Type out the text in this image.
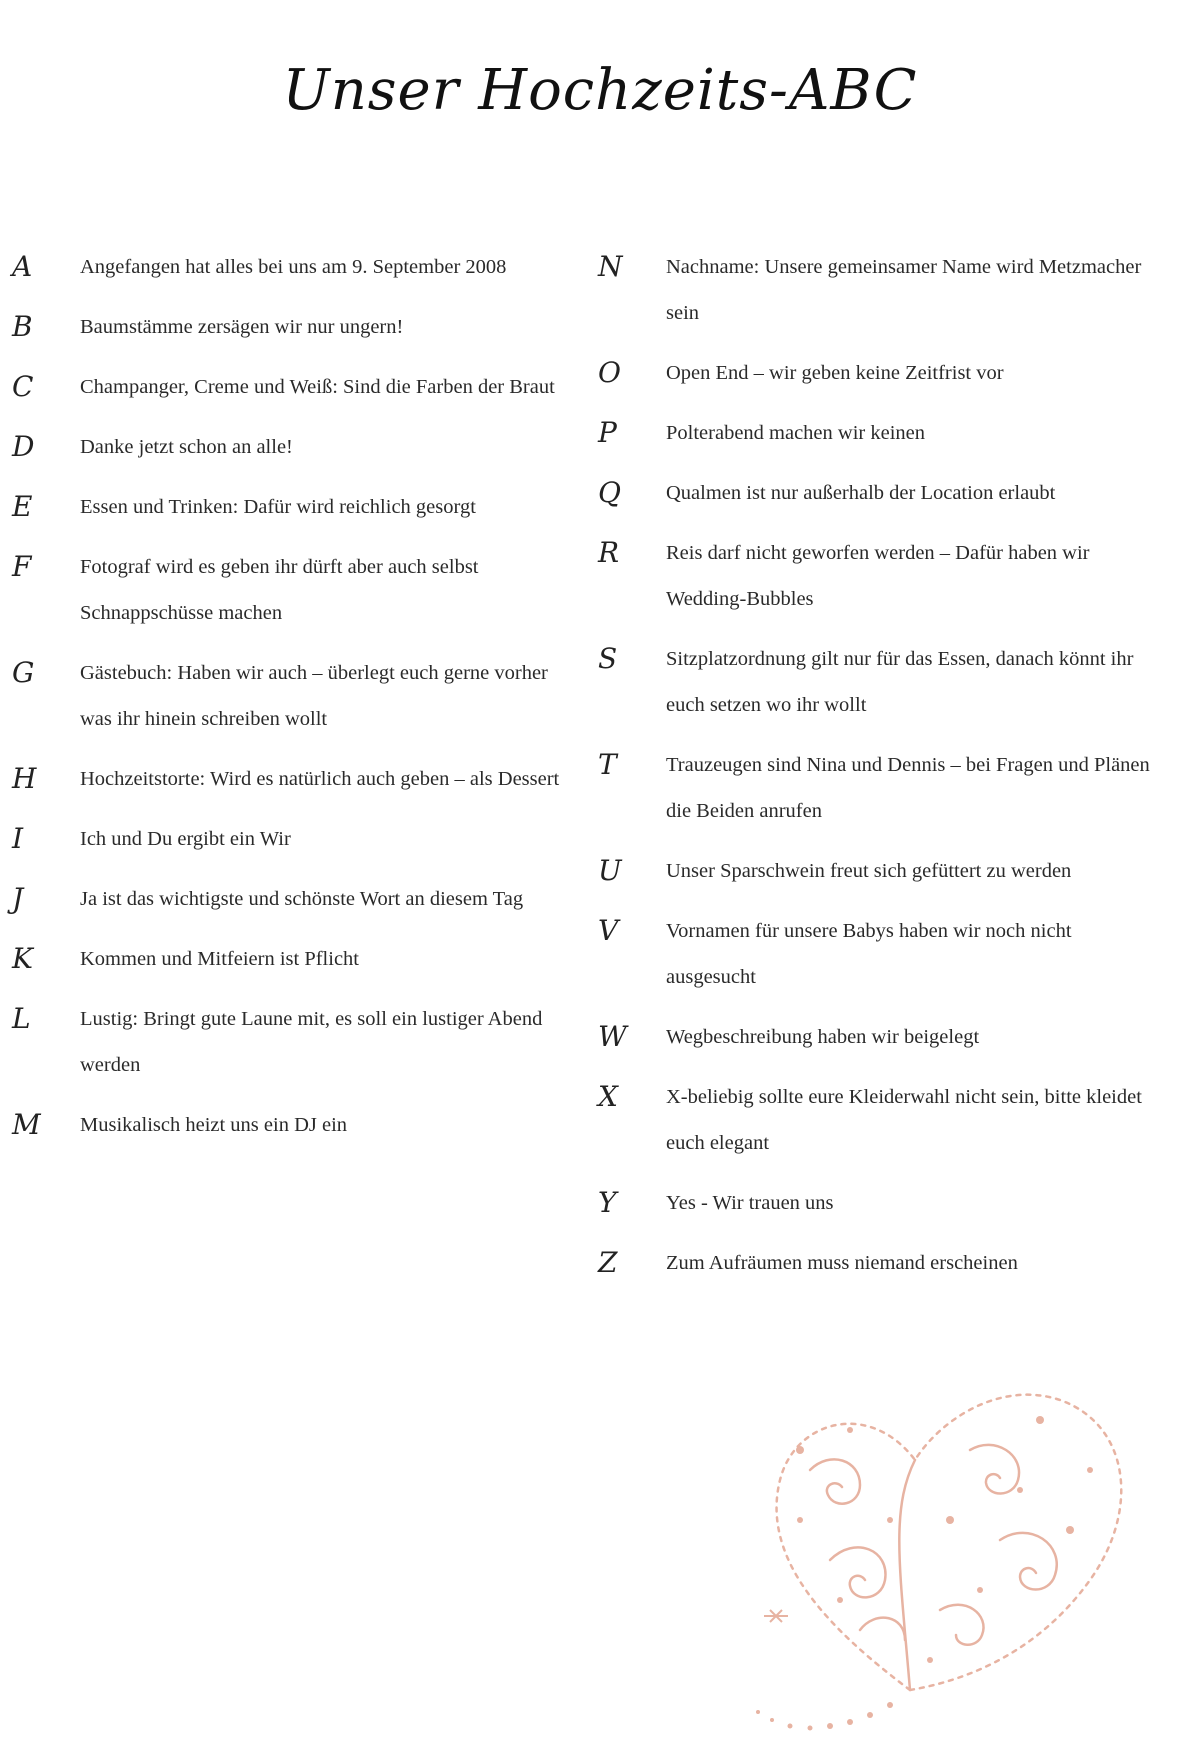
Unser Hochzeits-ABC
A	Angefangen hat alles bei uns am 9. September 2008
B	Baumstämme zersägen wir nur ungern!
C	Champanger, Creme und Weiß: Sind die Farben der Braut
D	Danke jetzt schon an alle!
E	Essen und Trinken: Dafür wird reichlich gesorgt
F	Fotograf wird es geben ihr dürft aber auch selbst Schnappschüsse machen
G	Gästebuch: Haben wir auch – überlegt euch gerne vorher was ihr hinein schreiben wollt
H	Hochzeitstorte: Wird es natürlich auch geben – als Dessert
I	Ich und Du ergibt ein Wir
J	Ja ist das wichtigste und schönste Wort an diesem Tag
K	Kommen und Mitfeiern ist Pflicht
L	Lustig: Bringt gute Laune mit, es soll ein lustiger Abend werden
M	Musikalisch heizt uns ein DJ ein
N	Nachname: Unsere gemeinsamer Name wird Metzmacher sein
O	Open End – wir geben keine Zeitfrist vor
P	Polterabend machen wir keinen
Q	Qualmen ist nur außerhalb der Location erlaubt
R	Reis darf nicht geworfen werden – Dafür haben wir Wedding-Bubbles
S	Sitzplatzordnung gilt nur für das Essen, danach könnt ihr euch setzen wo ihr wollt
T	Trauzeugen sind Nina und Dennis – bei Fragen und Plänen die Beiden anrufen
U	Unser Sparschwein freut sich gefüttert zu werden
V	Vornamen für unsere Babys haben wir noch nicht ausgesucht
W	Wegbeschreibung haben wir beigelegt
X	X-beliebig sollte eure Kleiderwahl nicht sein, bitte kleidet euch elegant
Y	Yes - Wir trauen uns
Z	Zum Aufräumen muss niemand erscheinen
